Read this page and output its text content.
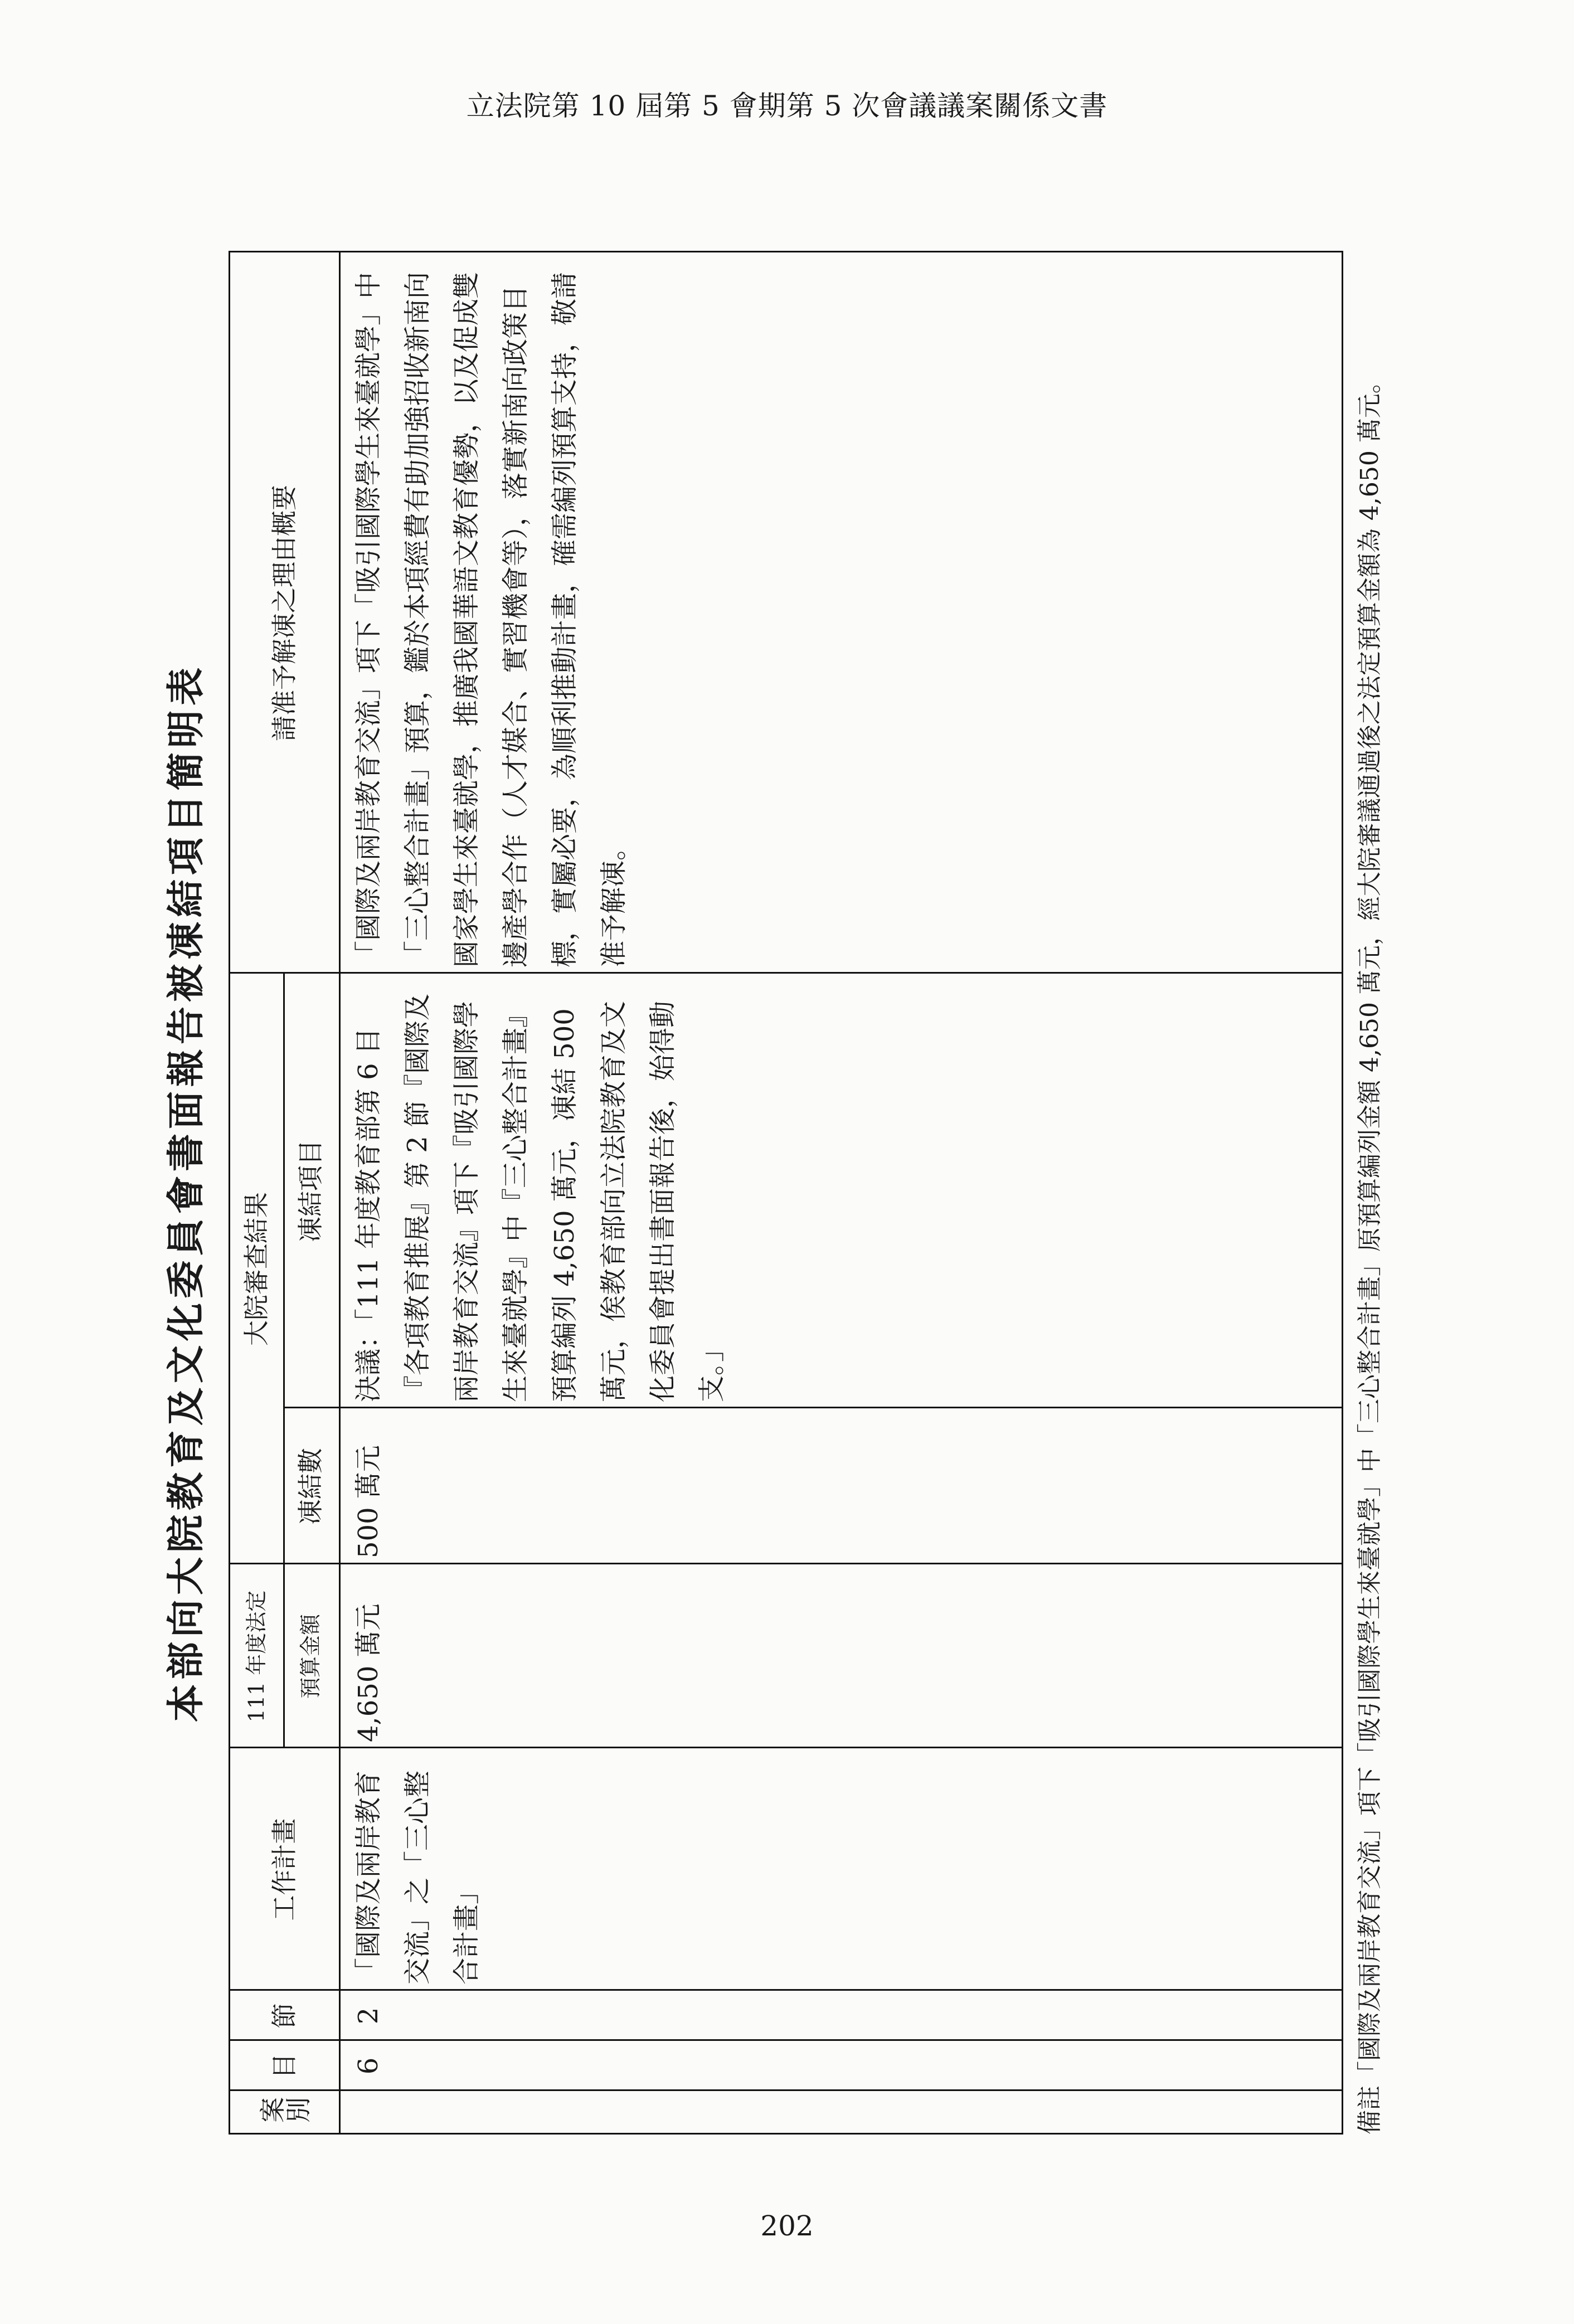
立法院第 10 屆第 5 會期第 5 次會議議案關係文書
本部向大院教育及文化委員會書面報告被凍結項目簡明表
案別
目
節
工作計畫
111 年度法定	預算金額
大院審查結果
凍結數
凍結項目
請准予解凍之理由概要
6
2
「國際及兩岸教育交流」之「三心整合計畫」
4,650 萬元
500 萬元
決議：「111 年度教育部第 6 目『各項教育推展』第 2 節『國際及兩岸教育交流』項下『吸引國際學生來臺就學』中『三心整合計畫』預算編列 4,650 萬元，凍結 500 萬元，俟教育部向立法院教育及文化委員會提出書面報告後，始得動支。」
「國際及兩岸教育交流」項下「吸引國際學生來臺就學」中「三心整合計畫」預算，鑑於本項經費有助加強招收新南向國家學生來臺就學，推廣我國華語文教育優勢，以及促成雙邊產學合作（人才媒合、實習機會等），落實新南向政策目標，實屬必要，為順利推動計畫，確需編列預算支持，敬請准予解凍。	備註「國際及兩岸教育交流」項下「吸引國際學生來臺就學」中「三心整合計畫」原預算編列金額 4,650 萬元，經大院審議通過後之法定預算金額為 4,650 萬元。
202
